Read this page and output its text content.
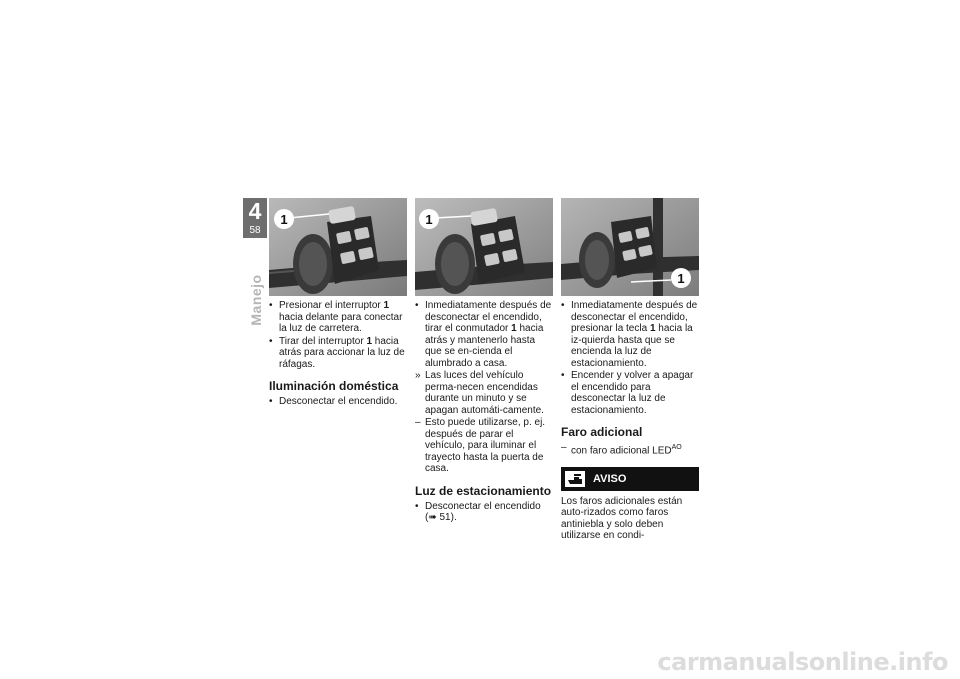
4
58
Manejo
1
• Presionar el interruptor 1 hacia delante para conectar la luz de carretera.
• Tirar del interruptor 1 hacia atrás para accionar la luz de ráfagas.
Iluminación doméstica
• Desconectar el encendido.
1
• Inmediatamente después de desconectar el encendido, tirar el conmutador 1 hacia atrás y mantenerlo hasta que se en-cienda el alumbrado a casa.
» Las luces del vehículo perma-necen encendidas durante un minuto y se apagan automáti-camente.
– Esto puede utilizarse, p. ej. después de parar el vehículo, para iluminar el trayecto hasta la puerta de casa.
Luz de estacionamiento
• Desconectar el encendido (➠ 51).
1
• Inmediatamente después de desconectar el encendido, presionar la tecla 1 hacia la iz-quierda hasta que se encienda la luz de estacionamiento.
• Encender y volver a apagar el encendido para desconectar la luz de estacionamiento.
Faro adicional
– con faro adicional $LED^{AO}$
AVISO
Los faros adicionales están auto-rizados como faros antiniebla y solo deben utilizarse en condi-
carmanualsonline.info
